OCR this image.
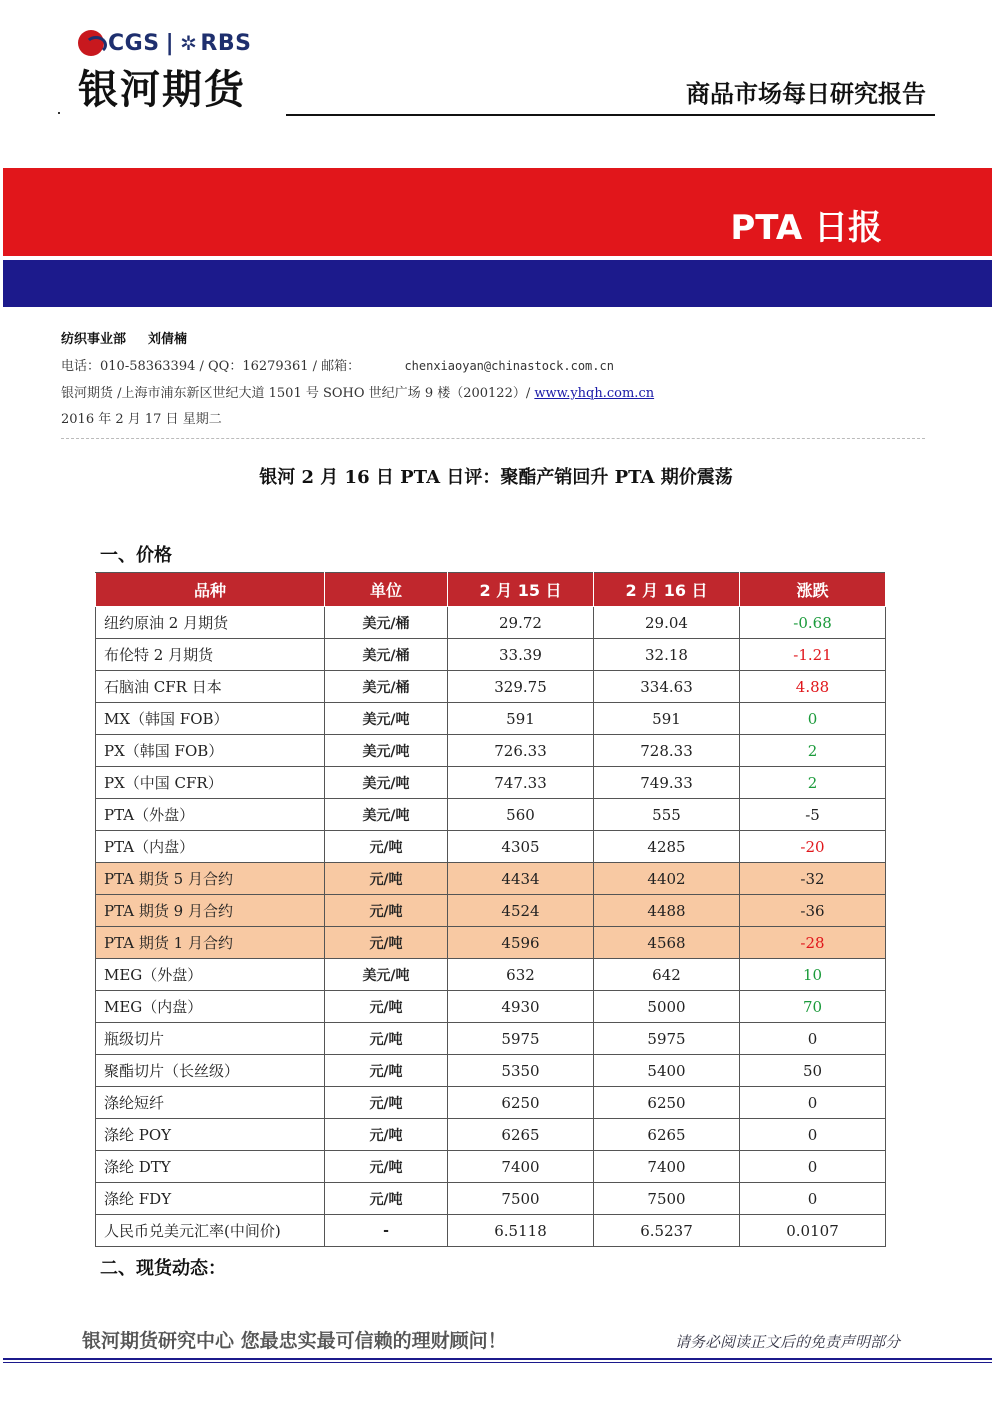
CGS | ✲ RBS
银河期货	商品市场每日研究报告
PTA 日报
纺织事业部 刘倩楠
电话：010-58363394 / QQ：16279361 / 邮箱：	chenxiaoyan@chinastock.com.cn
银河期货 /上海市浦东新区世纪大道 1501 号 SOHO 世纪广场 9 楼（200122）/ www.yhqh.com.cn
2016 年 2 月 17 日 星期二
银河 2 月 16 日 PTA 日评：聚酯产销回升 PTA 期价震荡
一、价格
品种	单位	2 月 15 日	2 月 16 日	涨跌
纽约原油 2 月期货	美元/桶	29.72	29.04	-0.68
布伦特 2 月期货	美元/桶	33.39	32.18	-1.21
石脑油 CFR 日本	美元/桶	329.75	334.63	4.88
MX（韩国 FOB）	美元/吨	591	591	0
PX（韩国 FOB）	美元/吨	726.33	728.33	2
PX（中国 CFR）	美元/吨	747.33	749.33	2
PTA（外盘）	美元/吨	560	555	-5
PTA（内盘）	元/吨	4305	4285	-20
PTA 期货 5 月合约	元/吨	4434	4402	-32
PTA 期货 9 月合约	元/吨	4524	4488	-36
PTA 期货 1 月合约	元/吨	4596	4568	-28
MEG（外盘）	美元/吨	632	642	10
MEG（内盘）	元/吨	4930	5000	70
瓶级切片	元/吨	5975	5975	0
聚酯切片（长丝级）	元/吨	5350	5400	50
涤纶短纤	元/吨	6250	6250	0
涤纶 POY	元/吨	6265	6265	0
涤纶 DTY	元/吨	7400	7400	0
涤纶 FDY	元/吨	7500	7500	0
人民币兑美元汇率(中间价)	-	6.5118	6.5237	0.0107
二、现货动态：
银河期货研究中心 您最忠实最可信赖的理财顾问！	请务必阅读正文后的免责声明部分
